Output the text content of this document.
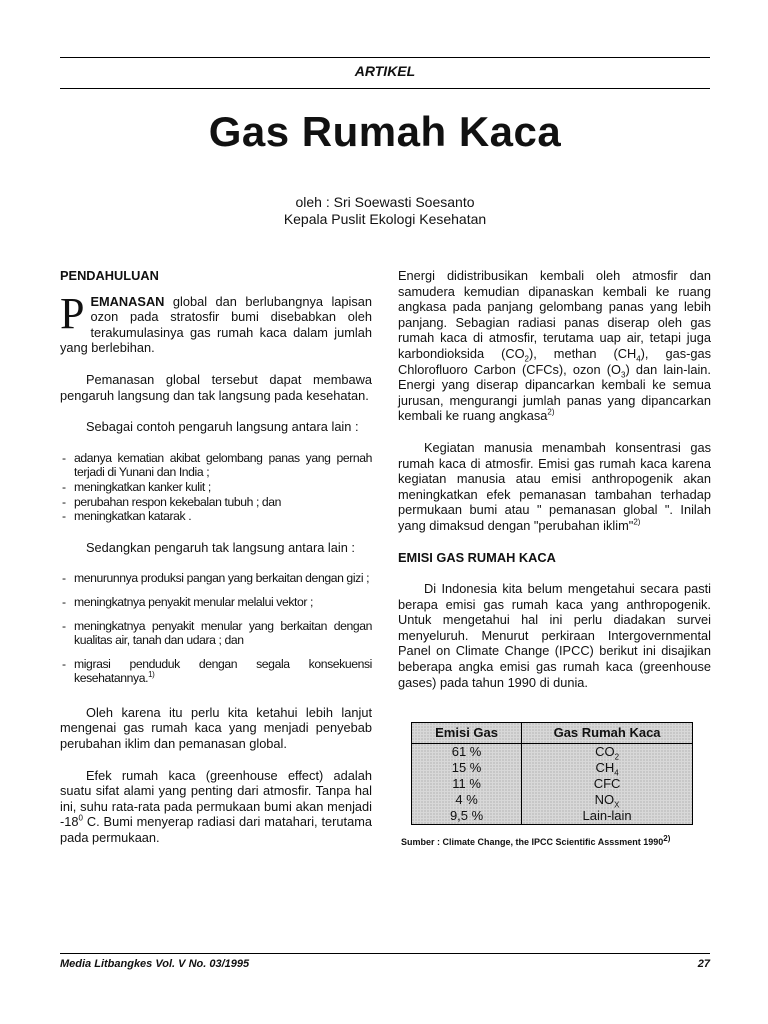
ARTIKEL
Gas Rumah Kaca
oleh : Sri Soewasti Soesanto
Kepala Puslit Ekologi Kesehatan
PENDAHULUAN

PEMANASAN global dan berlubangnya lapisan ozon pada stratosfir bumi disebabkan oleh terakumulasinya gas rumah kaca dalam jumlah yang berlebihan.

Pemanasan global tersebut dapat membawa pengaruh langsung dan tak langsung pada kesehatan.

Sebagai contoh pengaruh langsung antara lain :

- adanya kematian akibat gelombang panas yang pernah terjadi di Yunani dan India ;
- meningkatkan kanker kulit ;
- perubahan respon kekebalan tubuh ; dan
- meningkatkan katarak .

Sedangkan pengaruh tak langsung antara lain :

- menurunnya produksi pangan yang berkaitan dengan gizi ;
- meningkatnya penyakit menular melalui vektor ;
- meningkatnya penyakit menular yang berkaitan dengan kualitas air, tanah dan udara ; dan
- migrasi penduduk dengan segala konsekuensi kesehatannya.$^{1)}$

Oleh karena itu perlu kita ketahui lebih lanjut mengenai gas rumah kaca yang menjadi penyebab perubahan iklim dan pemanasan global.

Efek rumah kaca (greenhouse effect) adalah suatu sifat alami yang penting dari atmosfir. Tanpa hal ini, suhu rata-rata pada permukaan bumi akan menjadi $-18^0$ C. Bumi menyerap radiasi dari matahari, terutama pada permukaan.

Energi didistribusikan kembali oleh atmosfir dan samudera kemudian dipanaskan kembali ke ruang angkasa pada panjang gelombang panas yang lebih panjang. Sebagian radiasi panas diserap oleh gas rumah kaca di atmosfir, terutama uap air, tetapi juga karbondioksida $(CO_2)$, methan $(CH_4)$, gas-gas Chlorofluoro Carbon (CFCs), ozon $(O_3)$ dan lain-lain. Energi yang diserap dipancarkan kembali ke semua jurusan, mengurangi jumlah panas yang dipancarkan kembali ke ruang angkasa$^{2)}$

Kegiatan manusia menambah konsentrasi gas rumah kaca di atmosfir. Emisi gas rumah kaca karena kegiatan manusia atau emisi anthropogenik akan meningkatkan efek pemanasan tambahan terhadap permukaan bumi atau " pemanasan global ". Inilah yang dimaksud dengan "perubahan iklim"$^{2)}$

EMISI GAS RUMAH KACA

Di Indonesia kita belum mengetahui secara pasti berapa emisi gas rumah kaca yang anthropogenik. Untuk mengetahui hal ini perlu diadakan survei menyeluruh. Menurut perkiraan Intergovernmental Panel on Climate Change (IPCC) berikut ini disajikan beberapa angka emisi gas rumah kaca (greenhouse gases) pada tahun 1990 di dunia.

Emisi Gas	Gas Rumah Kaca
61 %	$CO_2$
15 %	$CH_4$
11 %	CFC
4 %	$NO_X$
9,5 %	Lain-lain
Sumber : Climate Change, the IPCC Scientific Asssment 1990$^{2)}$
Media Litbangkes Vol. V No. 03/1995	27
